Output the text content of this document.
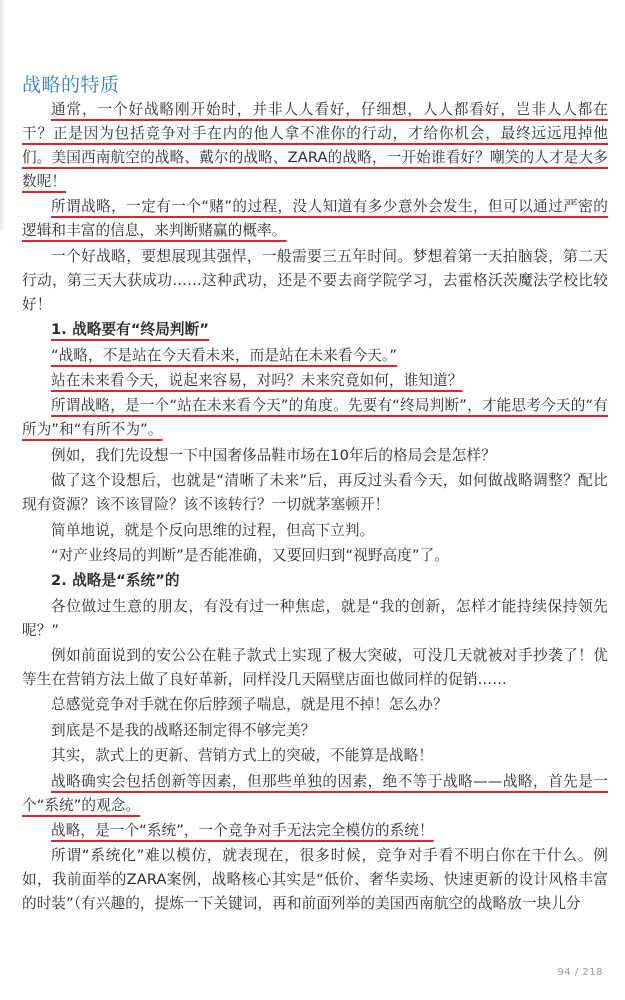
战略的特质

通常，一个好战略刚开始时，并非人人看好，仔细想，人人都看好，岂非人人都在干？正是因为包括竞争对手在内的他人拿不准你的行动，才给你机会，最终远远甩掉他们。美国西南航空的战略、戴尔的战略、ZARA的战略，一开始谁看好？嘲笑的人才是大多数呢！

所谓战略，一定有一个“赌”的过程，没人知道有多少意外会发生，但可以通过严密的逻辑和丰富的信息，来判断赌赢的概率。

一个好战略，要想展现其强悍，一般需要三五年时间。梦想着第一天拍脑袋，第二天行动，第三天大获成功……这种武功，还是不要去商学院学习，去霍格沃茨魔法学校比较好！

1. 战略要有“终局判断”

“战略，不是站在今天看未来，而是站在未来看今天。”

站在未来看今天，说起来容易，对吗？未来究竟如何，谁知道？

所谓战略，是一个“站在未来看今天”的角度。先要有“终局判断”，才能思考今天的“有所为”和“有所不为”。

例如，我们先设想一下中国奢侈品鞋市场在10年后的格局会是怎样？

做了这个设想后，也就是“清晰了未来”后，再反过头看今天，如何做战略调整？配比现有资源？该不该冒险？该不该转行？一切就茅塞顿开！

简单地说，就是个反向思维的过程，但高下立判。

“对产业终局的判断”是否能准确，又要回归到“视野高度”了。

2. 战略是“系统”的

各位做过生意的朋友，有没有过一种焦虑，就是“我的创新，怎样才能持续保持领先呢？”

例如前面说到的安公公在鞋子款式上实现了极大突破，可没几天就被对手抄袭了！优等生在营销方法上做了良好革新，同样没几天隔壁店面也做同样的促销……

总感觉竞争对手就在你后脖颈子喘息，就是甩不掉！怎么办？

到底是不是我的战略还制定得不够完美？

其实，款式上的更新、营销方式上的突破，不能算是战略！

战略确实会包括创新等因素，但那些单独的因素，绝不等于战略——战略，首先是一个“系统”的观念。

战略，是一个“系统”，一个竞争对手无法完全模仿的系统！

所谓“系统化”难以模仿，就表现在，很多时候，竞争对手看不明白你在干什么。例如，我前面举的ZARA案例，战略核心其实是“低价、奢华卖场、快速更新的设计风格丰富的时装”（有兴趣的，提炼一下关键词，再和前面列举的美国西南航空的战略放一块儿分

94 / 218
